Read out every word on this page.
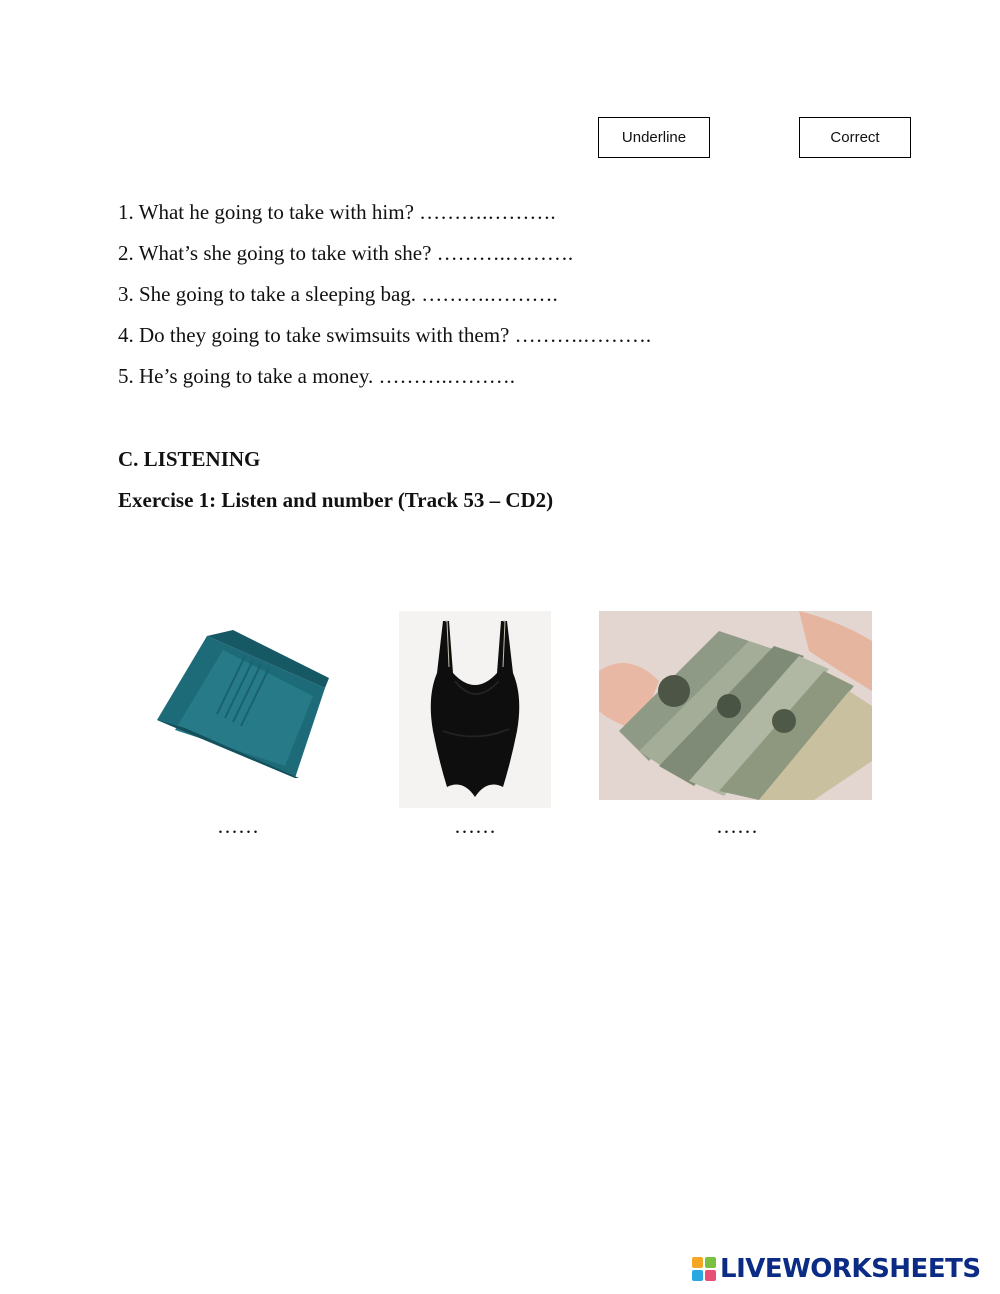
Underline	Correct
1. What he going to take with him? ……….……….
2. What’s she going to take with she? ……….……….
3. She going to take a sleeping bag. ……….……….
4. Do they going to take swimsuits with them? ……….……….
5. He’s going to take a money. ……….……….
C. LISTENING
Exercise 1: Listen and number (Track 53 – CD2)
……	……	……
LIVEWORKSHEETS
